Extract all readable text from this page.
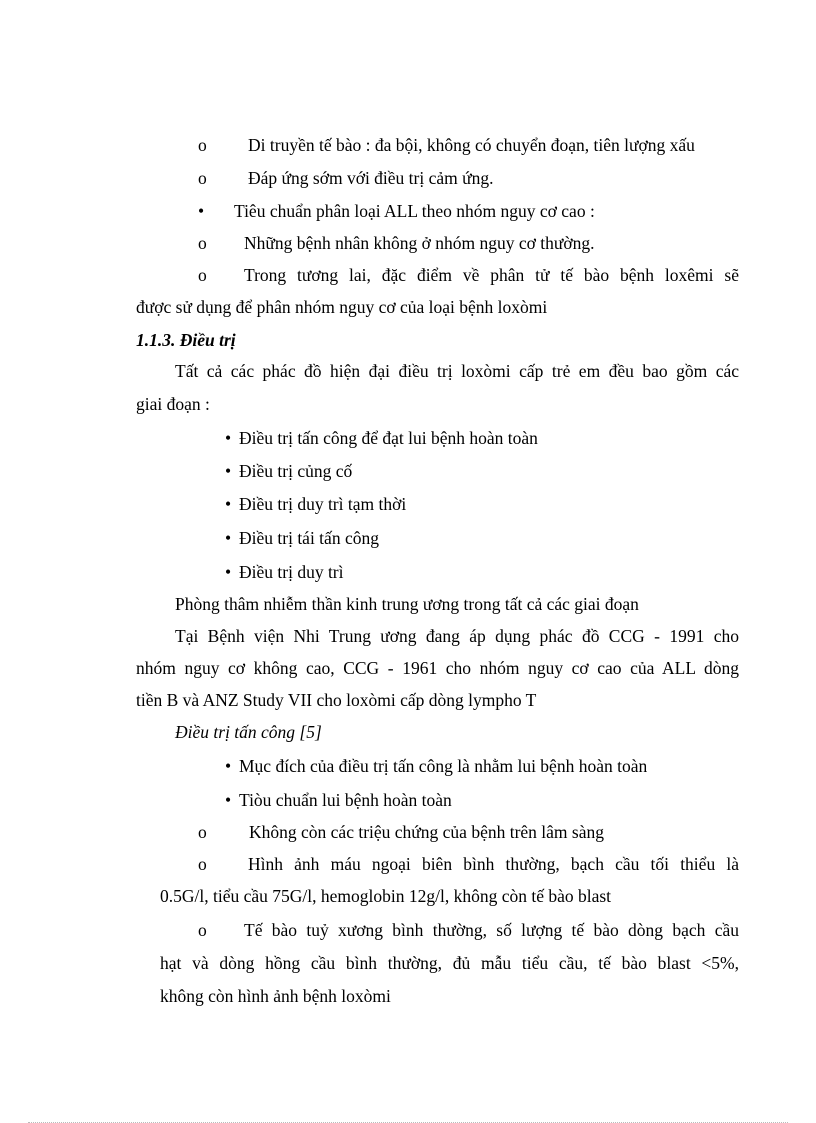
o Di truyền tế bào : đa bội, không có chuyển đoạn, tiên lượng xấu
o Đáp ứng sớm với điều trị cảm ứng.
• Tiêu chuẩn phân loại ALL theo nhóm nguy cơ cao :
o Những bệnh nhân không ở nhóm nguy cơ thường.
o Trong tương lai, đặc điểm về phân tử tế bào bệnh loxêmi sẽ
được sử dụng để phân nhóm nguy cơ của loại bệnh loxòmi
1.1.3. Điều trị
Tất cả các phác đồ hiện đại điều trị loxòmi cấp trẻ em đều bao gồm các
giai đoạn :
• Điều trị tấn công để đạt lui bệnh hoàn toàn
• Điều trị củng cố
• Điều trị duy trì tạm thời
• Điều trị tái tấn công
• Điều trị duy trì
Phòng thâm nhiễm thần kinh trung ương trong tất cả các giai đoạn
Tại Bệnh viện Nhi Trung ương đang áp dụng phác đồ CCG - 1991 cho
nhóm nguy cơ không cao, CCG - 1961 cho nhóm nguy cơ cao của ALL dòng
tiền B và ANZ Study VII cho loxòmi cấp dòng lympho T
Điều trị tấn công [5]
• Mục đích của điều trị tấn công là nhằm lui bệnh hoàn toàn
• Tiòu chuẩn lui bệnh hoàn toàn
o Không còn các triệu chứng của bệnh trên lâm sàng
o Hình ảnh máu ngoại biên bình thường, bạch cầu tối thiểu là
0.5G/l, tiểu cầu 75G/l, hemoglobin 12g/l, không còn tế bào blast
o Tế bào tuỷ xương bình thường, số lượng tế bào dòng bạch cầu
hạt và dòng hồng cầu bình thường, đủ mẫu tiểu cầu, tế bào blast <5%,
không còn hình ảnh bệnh loxòmi
